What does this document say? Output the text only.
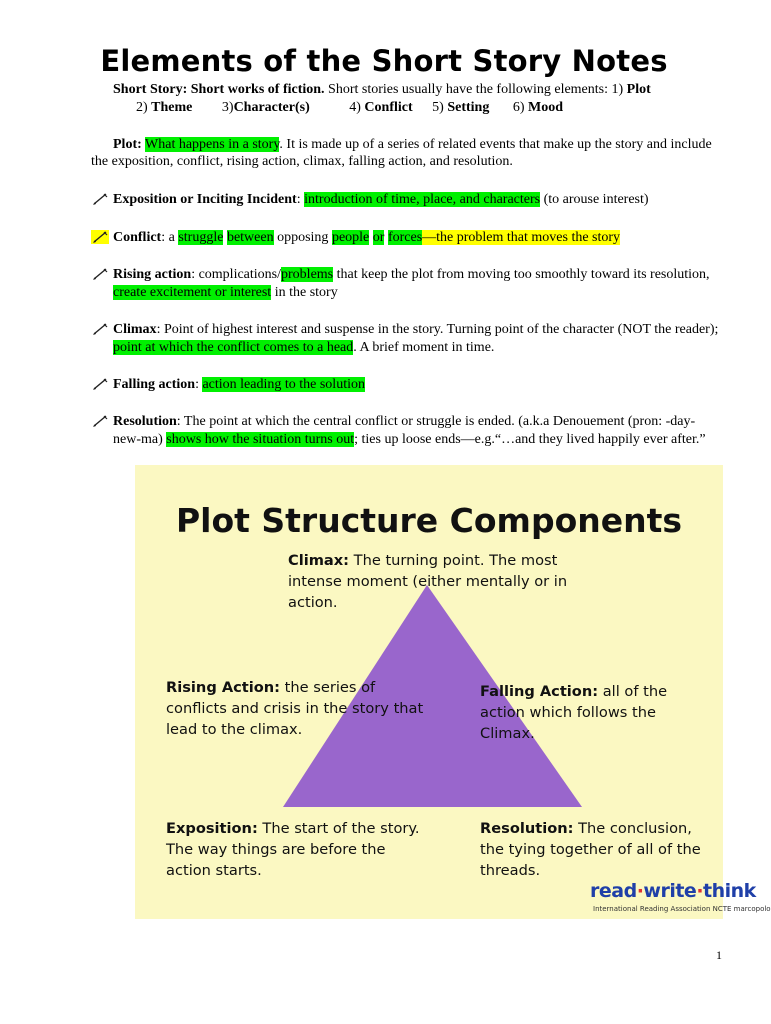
Elements of the Short Story Notes
Short Story: Short works of fiction. Short stories usually have the following elements: 1) Plot
2) Theme 3)Character(s)	4) Conflict 5) Setting 6) Mood
Plot: What happens in a story. It is made up of a series of related events that make up the story and include the exposition, conflict, rising action, climax, falling action, and resolution.
Exposition or Inciting Incident: introduction of time, place, and characters (to arouse interest)
Conflict: a struggle between opposing people or forces—the problem that moves the story
Rising action: complications/problems that keep the plot from moving too smoothly toward its resolution, create excitement or interest in the story
Climax: Point of highest interest and suspense in the story. Turning point of the character (NOT the reader); point at which the conflict comes to a head. A brief moment in time.
Falling action: action leading to the solution
Resolution: The point at which the central conflict or struggle is ended. (a.k.a Denouement (pron: -day-new-ma) shows how the situation turns out; ties up loose ends—e.g.“…and they lived happily ever after.”
Plot Structure Components
Climax: The turning point. The most intense moment (either mentally or in action.
Rising Action: the series of conflicts and crisis in the story that lead to the climax.
Falling Action: all of the action which follows the Climax.
Exposition: The start of the story. The way things are before the action starts.
Resolution: The conclusion, the tying together of all of the threads.
read·write·think
International Reading Association NCTE marcopolo
1
